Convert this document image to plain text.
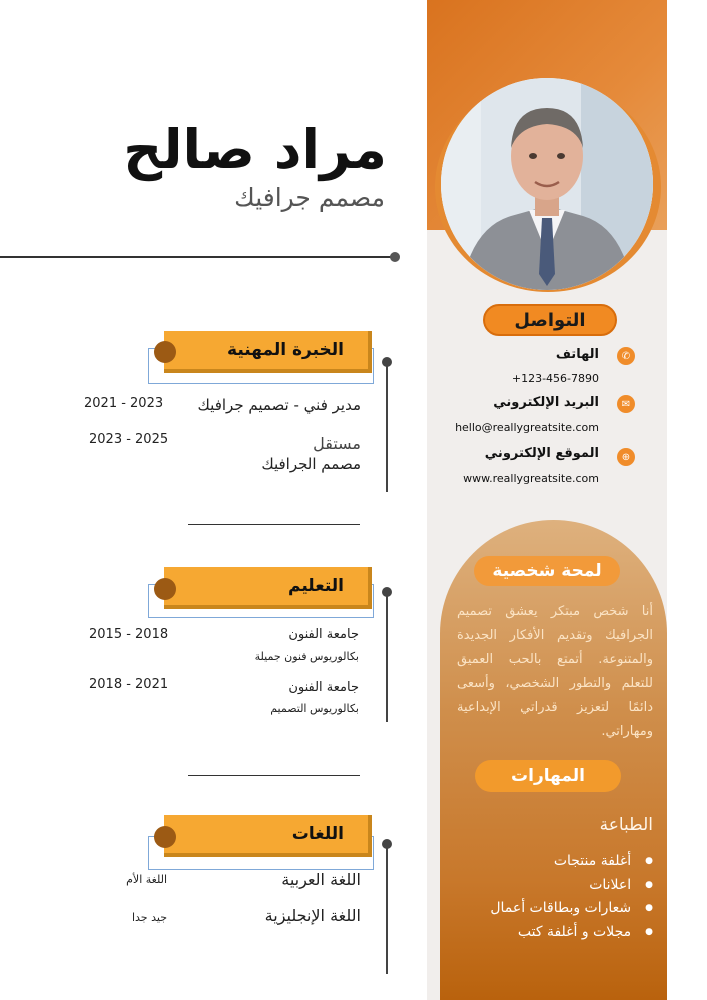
التواصل
✆
الهاتف
+123-456-7890
✉
البريد الإلكتروني
hello@reallygreatsite.com
⊕
الموقع الإلكتروني
www.reallygreatsite.com
لمحة شخصية

أنا شخص مبتكر يعشق تصميم الجرافيك وتقديم الأفكار الجديدة والمتنوعة. أتمتع بالحب العميق للتعلم والتطور الشخصي، وأسعى دائمًا لتعزيز قدراتي الإبداعية ومهاراتي.

المهارات
الطباعة
● أغلفة منتجات
● اعلانات
● شعارات وبطاقات أعمال
● مجلات و أغلفة كتب
مراد صالح
مصمم جرافيك
الخبرة المهنية
مدير فني - تصميم جرافيك
2021 - 2023
مستقل
مصمم الجرافيك
2023 - 2025
التعليم
جامعة الفنون
بكالوريوس فنون جميلة
2015 - 2018
جامعة الفنون
بكالوريوس التصميم
2018 - 2021
اللغات
اللغة العربية
اللغة الأم
اللغة الإنجليزية
جيد جدا
